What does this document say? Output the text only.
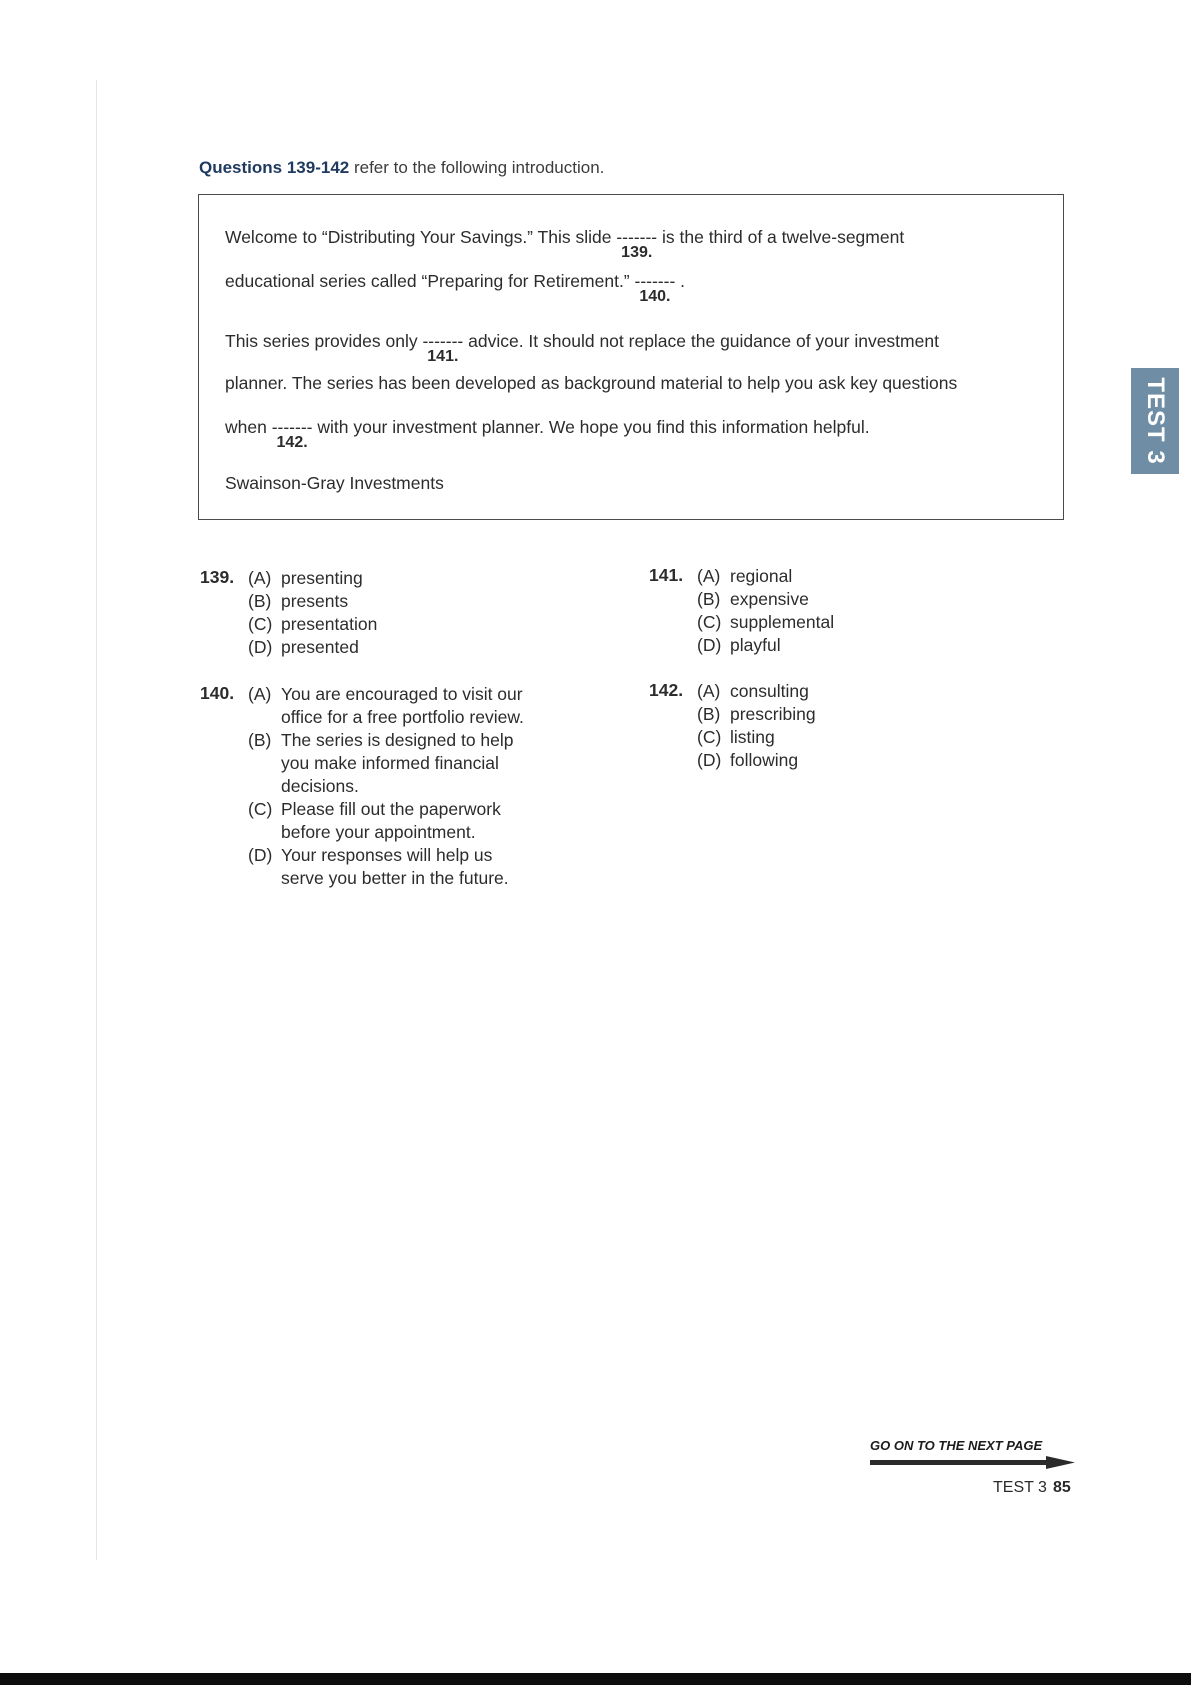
Questions 139-142 refer to the following introduction.
Welcome to “Distributing Your Savings.” This slide -------
139.
is the third of a twelve-segment
educational series called “Preparing for Retirement.” -------
140.
.
This series provides only -------
141.
advice. It should not replace the guidance of your investment
planner. The series has been developed as background material to help you ask key questions
when -------
142.
with your investment planner. We hope you find this information helpful.
Swainson-Gray Investments
139. (A) presenting
(B) presents
(C) presentation
(D) presented
140. (A) You are encouraged to visit our office for a free portfolio review.
(B) The series is designed to help you make informed financial decisions.
(C) Please fill out the paperwork before your appointment.
(D) Your responses will help us serve you better in the future.
141. (A) regional
(B) expensive
(C) supplemental
(D) playful
142. (A) consulting
(B) prescribing
(C) listing
(D) following
TEST 3
GO ON TO THE NEXT PAGE
TEST 3 85
